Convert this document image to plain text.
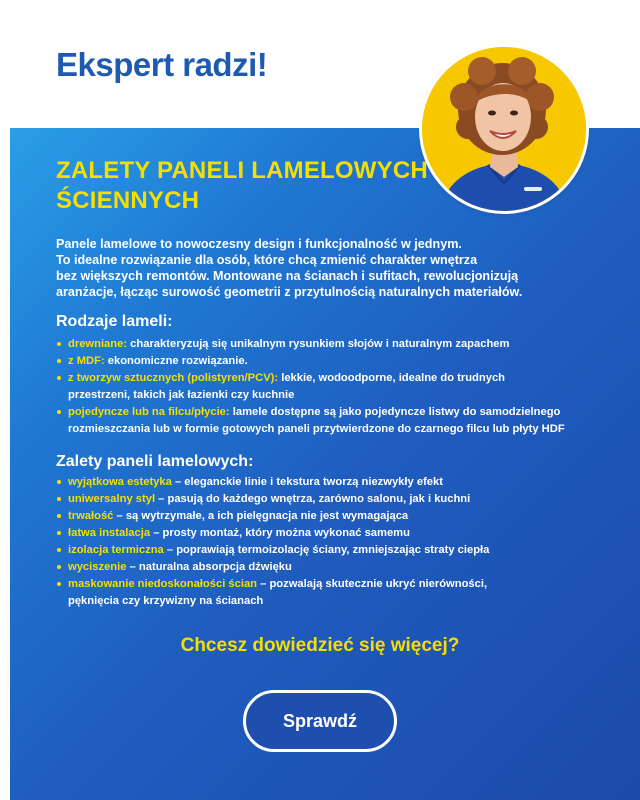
Ekspert radzi!
ZALETY PANELI LAMELOWYCH ŚCIENNYCH
Panele lamelowe to nowoczesny design i funkcjonalność w jednym.
To idealne rozwiązanie dla osób, które chcą zmienić charakter wnętrza
bez większych remontów. Montowane na ścianach i sufitach, rewolucjonizują
aranżacje, łącząc surowość geometrii z przytulnością naturalnych materiałów.
Rodzaje lameli:
drewniane: charakteryzują się unikalnym rysunkiem słojów i naturalnym zapachem
z MDF: ekonomiczne rozwiązanie.
z tworzyw sztucznych (polistyren/PCV): lekkie, wodoodporne, idealne do trudnych przestrzeni, takich jak łazienki czy kuchnie
pojedyncze lub na filcu/płycie: lamele dostępne są jako pojedyncze listwy do samodzielnego rozmieszczania lub w formie gotowych paneli przytwierdzone do czarnego filcu lub płyty HDF
Zalety paneli lamelowych:
wyjątkowa estetyka – eleganckie linie i tekstura tworzą niezwykły efekt
uniwersalny styl – pasują do każdego wnętrza, zarówno salonu, jak i kuchni
trwałość – są wytrzymałe, a ich pielęgnacja nie jest wymagająca
łatwa instalacja – prosty montaż, który można wykonać samemu
izolacja termiczna – poprawiają termoizolację ściany, zmniejszając straty ciepła
wyciszenie – naturalna absorpcja dźwięku
maskowanie niedoskonałości ścian – pozwalają skutecznie ukryć nierówności, pęknięcia czy krzywizny na ścianach
Chcesz dowiedzieć się więcej?
Sprawdź
